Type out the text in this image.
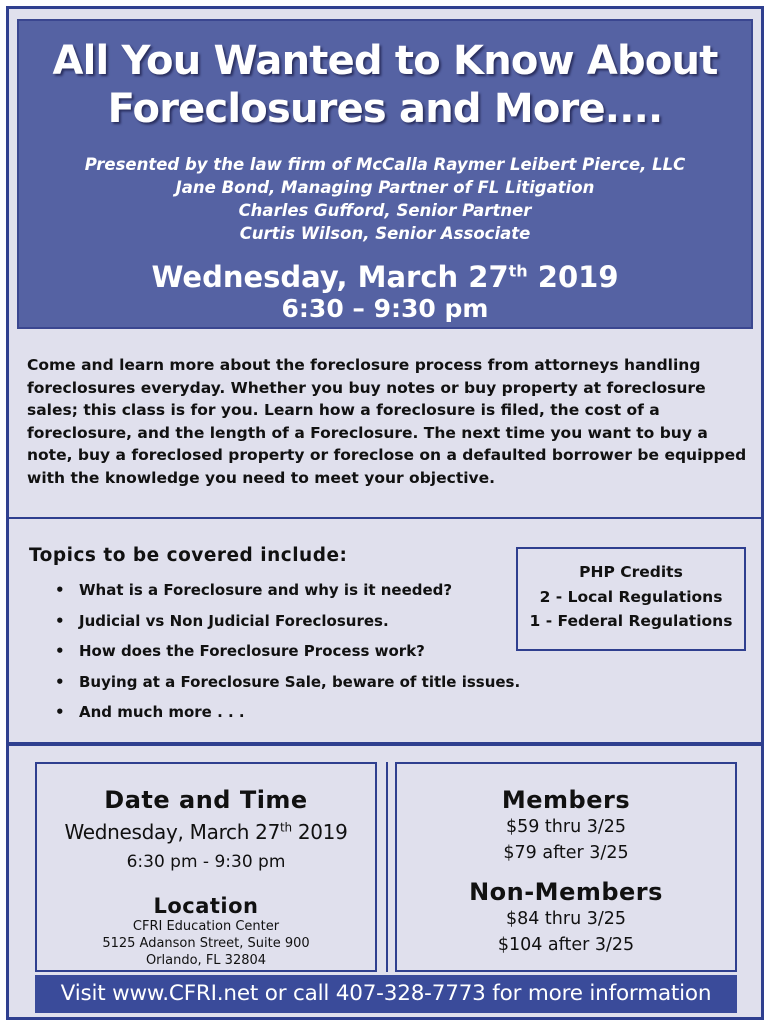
All You Wanted to Know About
Foreclosures and More....
Presented by the law firm of McCalla Raymer Leibert Pierce, LLC
Jane Bond, Managing Partner of FL Litigation
Charles Gufford, Senior Partner
Curtis Wilson, Senior Associate
Wednesday, March 27th 2019
6:30 – 9:30 pm
Come and learn more about the foreclosure process from attorneys handling foreclosures everyday. Whether you buy notes or buy property at foreclosure sales; this class is for you. Learn how a foreclosure is filed, the cost of a foreclosure, and the length of a Foreclosure. The next time you want to buy a note, buy a foreclosed property or foreclose on a defaulted borrower be equipped with the knowledge you need to meet your objective.
Topics to be covered include:
• What is a Foreclosure and why is it needed?
• Judicial vs Non Judicial Foreclosures.
• How does the Foreclosure Process work?
• Buying at a Foreclosure Sale, beware of title issues.
• And much more . . .
PHP Credits
2 - Local Regulations
1 - Federal Regulations
Date and Time
Wednesday, March 27th 2019
6:30 pm - 9:30 pm
Location
CFRI Education Center
5125 Adanson Street, Suite 900
Orlando, FL 32804
Members
$59 thru 3/25
$79 after 3/25
Non-Members
$84 thru 3/25
$104 after 3/25
Visit www.CFRI.net or call 407-328-7773 for more information
